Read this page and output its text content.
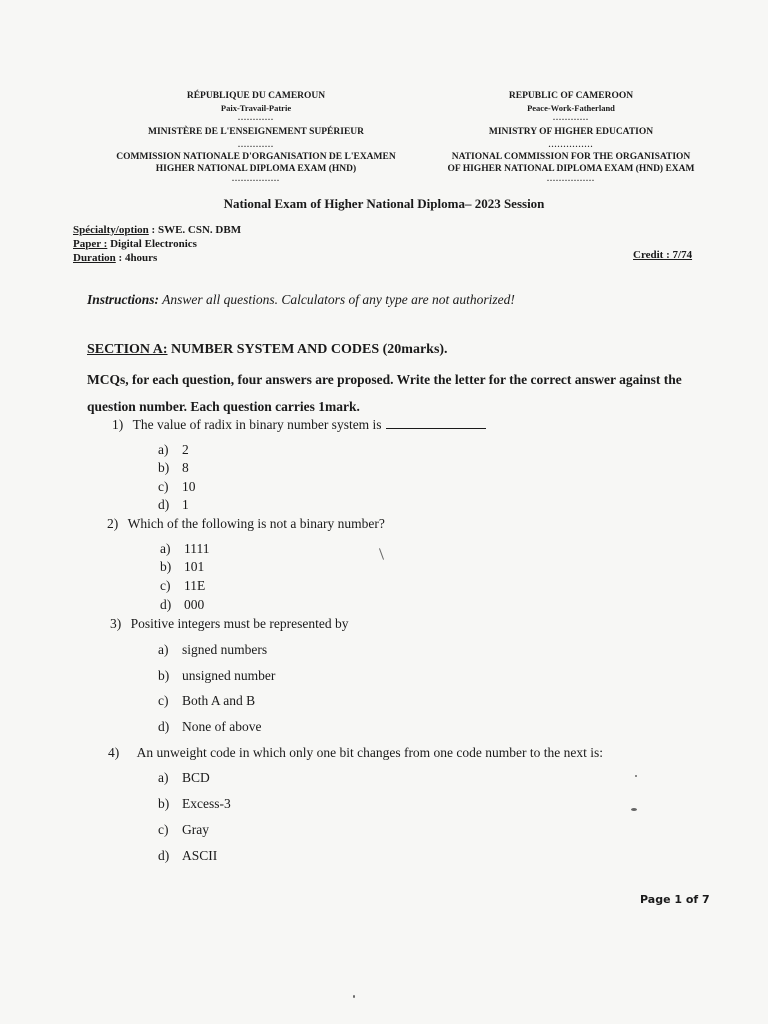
RÉPUBLIQUE DU CAMEROUN
Paix-Travail-Patrie
............
MINISTÈRE DE L'ENSEIGNEMENT SUPÉRIEUR
............
COMMISSION NATIONALE D'ORGANISATION DE L'EXAMEN
HIGHER NATIONAL DIPLOMA EXAM (HND)
................
REPUBLIC OF CAMEROON
Peace-Work-Fatherland
............
MINISTRY OF HIGHER EDUCATION
...............
NATIONAL COMMISSION FOR THE ORGANISATION
OF HIGHER NATIONAL DIPLOMA EXAM (HND) EXAM
................
National Exam of Higher National Diploma– 2023 Session
Spécialty/option : SWE. CSN. DBM
Paper : Digital Electronics
Duration : 4hours	Credit : 7/74
Instructions: Answer all questions. Calculators of any type are not authorized!
SECTION A: NUMBER SYSTEM AND CODES (20marks).
MCQs, for each question, four answers are proposed. Write the letter for the correct answer against the question number. Each question carries 1mark.
1) The value of radix in binary number system is
a) 2
b) 8
c) 10
d) 1
2) Which of the following is not a binary number?
a) 1111
b) 101
c) 11E
d) 000
3) Positive integers must be represented by
a) signed numbers
b) unsigned number
c) Both A and B
d) None of above
4) An unweight code in which only one bit changes from one code number to the next is:
a) BCD
b) Excess-3
c) Gray
d) ASCII
Page 1 of 7
